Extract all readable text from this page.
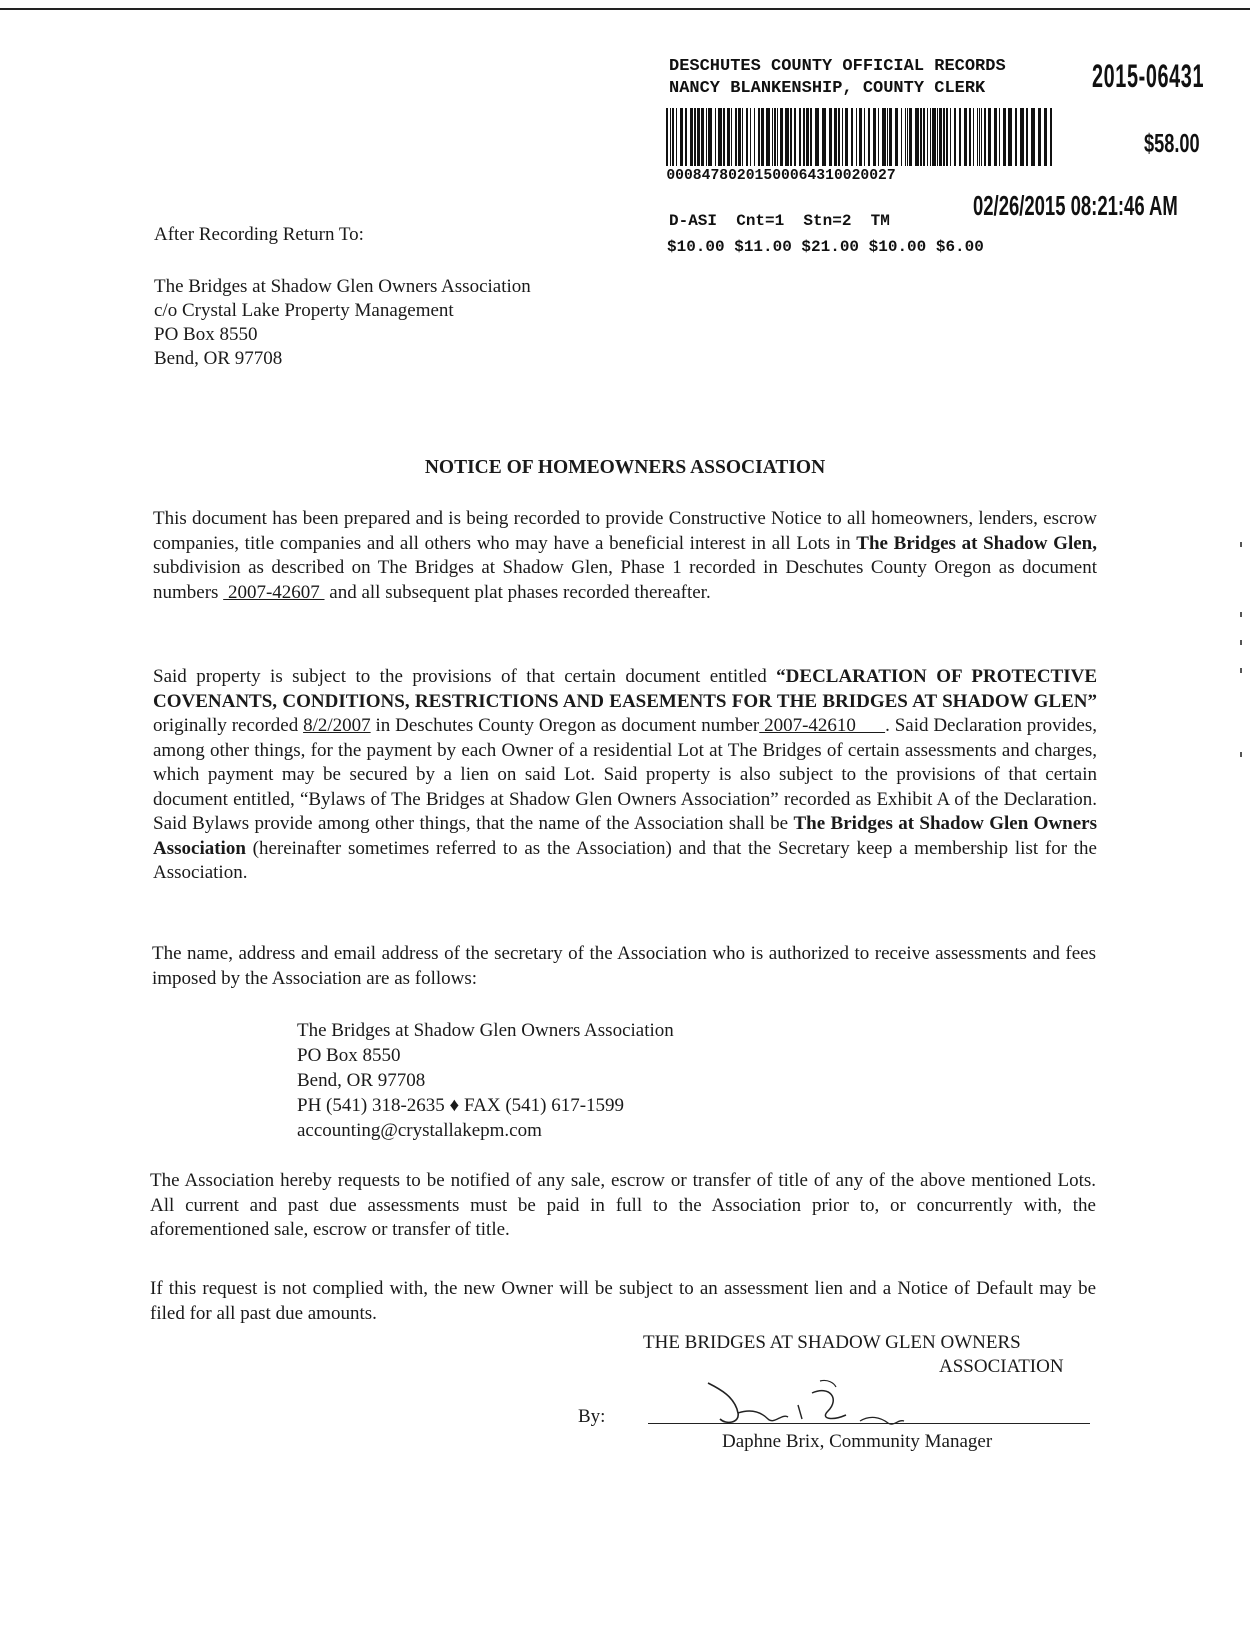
DESCHUTES COUNTY OFFICIAL RECORDS
NANCY BLANKENSHIP, COUNTY CLERK	2015-06431
$58.00
00084780201500064310020027
02/26/2015 08:21:46 AM
D-ASI  Cnt=1  Stn=2  TM
$10.00 $11.00 $21.00 $10.00 $6.00
After Recording Return To:
The Bridges at Shadow Glen Owners Association
c/o Crystal Lake Property Management
PO Box 8550
Bend, OR 97708
NOTICE OF HOMEOWNERS ASSOCIATION
This document has been prepared and is being recorded to provide Constructive Notice to all homeowners, lenders, escrow companies, title companies and all others who may have a beneficial interest in all Lots in The Bridges at Shadow Glen, subdivision as described on The Bridges at Shadow Glen, Phase 1 recorded in Deschutes County Oregon as document numbers  2007-42607  and all subsequent plat phases recorded thereafter.
Said property is subject to the provisions of that certain document entitled “DECLARATION OF PROTECTIVE COVENANTS, CONDITIONS, RESTRICTIONS AND EASEMENTS FOR THE BRIDGES AT SHADOW GLEN” originally recorded 8/2/2007 in Deschutes County Oregon as document number 2007-42610      . Said Declaration provides, among other things, for the payment by each Owner of a residential Lot at The Bridges of certain assessments and charges, which payment may be secured by a lien on said Lot. Said property is also subject to the provisions of that certain document entitled, “Bylaws of The Bridges at Shadow Glen Owners Association” recorded as Exhibit A of the Declaration. Said Bylaws provide among other things, that the name of the Association shall be The Bridges at Shadow Glen Owners Association (hereinafter sometimes referred to as the Association) and that the Secretary keep a membership list for the Association.
The name, address and email address of the secretary of the Association who is authorized to receive assessments and fees imposed by the Association are as follows:
The Bridges at Shadow Glen Owners Association
PO Box 8550
Bend, OR 97708
PH (541) 318-2635 ♦ FAX (541) 617-1599
accounting@crystallakepm.com
The Association hereby requests to be notified of any sale, escrow or transfer of title of any of the above mentioned Lots. All current and past due assessments must be paid in full to the Association prior to, or concurrently with, the aforementioned sale, escrow or transfer of title.
If this request is not complied with, the new Owner will be subject to an assessment lien and a Notice of Default may be filed for all past due amounts.
THE BRIDGES AT SHADOW GLEN OWNERS
ASSOCIATION
By:
Daphne Brix, Community Manager
